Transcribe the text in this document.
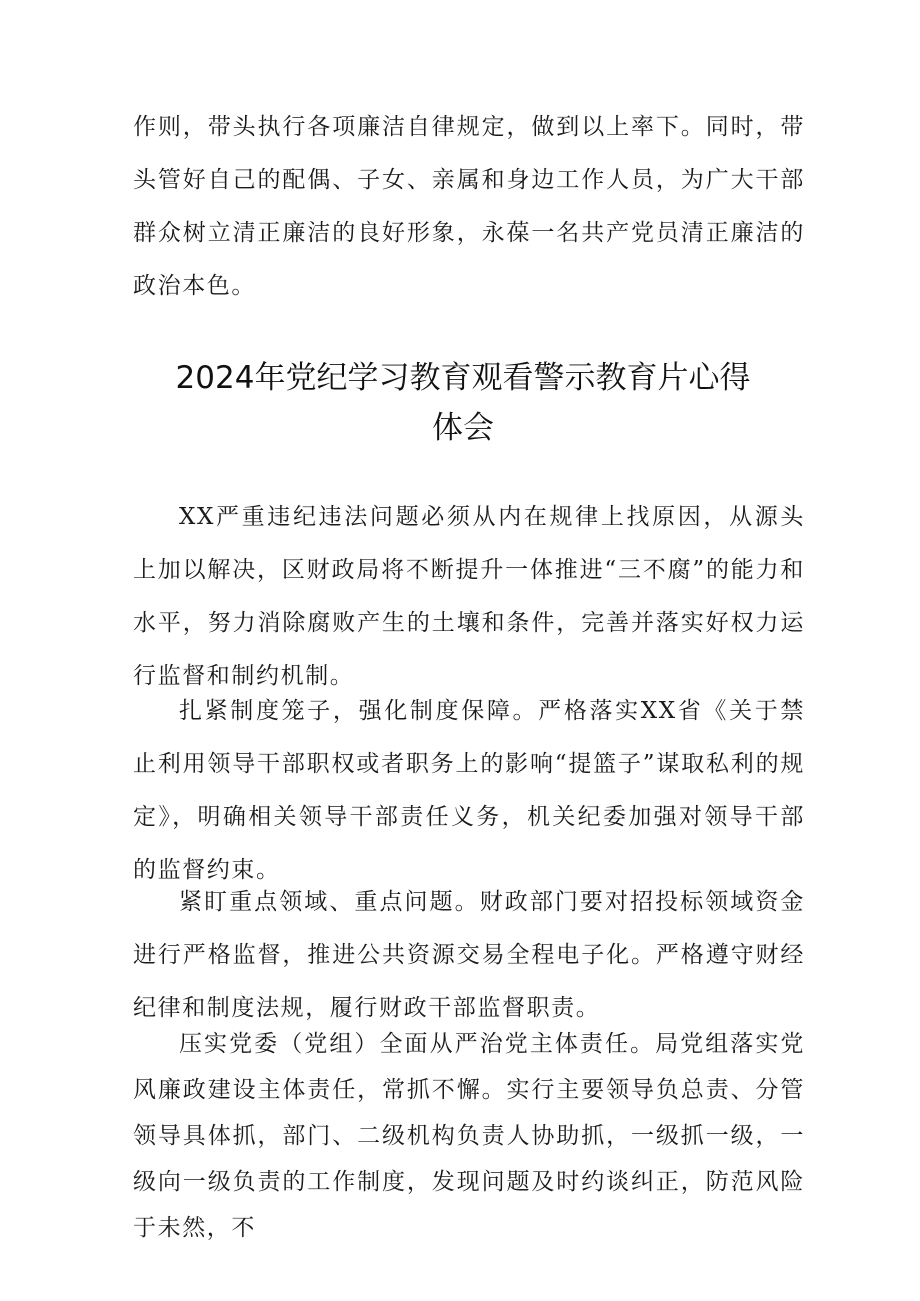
作则，带头执行各项廉洁自律规定，做到以上率下。同时，带头管好自己的配偶、子女、亲属和身边工作人员，为广大干部群众树立清正廉洁的良好形象，永葆一名共产党员清正廉洁的政治本色。

2024年党纪学习教育观看警示教育片心得
体会

XX严重违纪违法问题必须从内在规律上找原因，从源头上加以解决，区财政局将不断提升一体推进“三不腐”的能力和水平，努力消除腐败产生的土壤和条件，完善并落实好权力运行监督和制约机制。

扎紧制度笼子，强化制度保障。严格落实XX省《关于禁止利用领导干部职权或者职务上的影响“提篮子”谋取私利的规定》，明确相关领导干部责任义务，机关纪委加强对领导干部的监督约束。

紧盯重点领域、重点问题。财政部门要对招投标领域资金进行严格监督，推进公共资源交易全程电子化。严格遵守财经纪律和制度法规，履行财政干部监督职责。

压实党委（党组）全面从严治党主体责任。局党组落实党风廉政建设主体责任，常抓不懈。实行主要领导负总责、分管领导具体抓，部门、二级机构负责人协助抓，一级抓一级，一级向一级负责的工作制度，发现问题及时约谈纠正，防范风险于未然，不
